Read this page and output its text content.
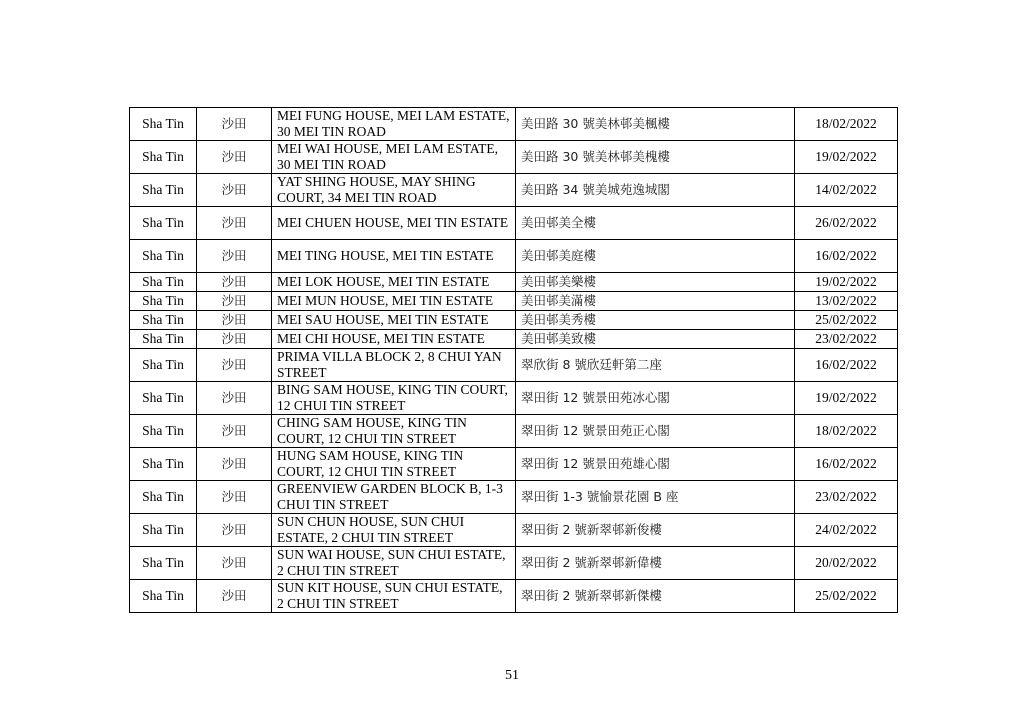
Sha Tin	沙田	MEI FUNG HOUSE, MEI LAM ESTATE, 30 MEI TIN ROAD	美田路 30 號美林邨美楓樓	18/02/2022
Sha Tin	沙田	MEI WAI HOUSE, MEI LAM ESTATE, 30 MEI TIN ROAD	美田路 30 號美林邨美槐樓	19/02/2022
Sha Tin	沙田	YAT SHING HOUSE, MAY SHING COURT, 34 MEI TIN ROAD	美田路 34 號美城苑逸城閣	14/02/2022
Sha Tin	沙田	MEI CHUEN HOUSE, MEI TIN ESTATE	美田邨美全樓	26/02/2022
Sha Tin	沙田	MEI TING HOUSE, MEI TIN ESTATE	美田邨美庭樓	16/02/2022
Sha Tin	沙田	MEI LOK HOUSE, MEI TIN ESTATE	美田邨美樂樓	19/02/2022
Sha Tin	沙田	MEI MUN HOUSE, MEI TIN ESTATE	美田邨美滿樓	13/02/2022
Sha Tin	沙田	MEI SAU HOUSE, MEI TIN ESTATE	美田邨美秀樓	25/02/2022
Sha Tin	沙田	MEI CHI HOUSE, MEI TIN ESTATE	美田邨美致樓	23/02/2022
Sha Tin	沙田	PRIMA VILLA BLOCK 2, 8 CHUI YAN STREET	翠欣街 8 號欣廷軒第二座	16/02/2022
Sha Tin	沙田	BING SAM HOUSE, KING TIN COURT, 12 CHUI TIN STREET	翠田街 12 號景田苑冰心閣	19/02/2022
Sha Tin	沙田	CHING SAM HOUSE, KING TIN COURT, 12 CHUI TIN STREET	翠田街 12 號景田苑正心閣	18/02/2022
Sha Tin	沙田	HUNG SAM HOUSE, KING TIN COURT, 12 CHUI TIN STREET	翠田街 12 號景田苑雄心閣	16/02/2022
Sha Tin	沙田	GREENVIEW GARDEN BLOCK B, 1-3 CHUI TIN STREET	翠田街 1-3 號愉景花園 B 座	23/02/2022
Sha Tin	沙田	SUN CHUN HOUSE, SUN CHUI ESTATE, 2 CHUI TIN STREET	翠田街 2 號新翠邨新俊樓	24/02/2022
Sha Tin	沙田	SUN WAI HOUSE, SUN CHUI ESTATE, 2 CHUI TIN STREET	翠田街 2 號新翠邨新偉樓	20/02/2022
Sha Tin	沙田	SUN KIT HOUSE, SUN CHUI ESTATE, 2 CHUI TIN STREET	翠田街 2 號新翠邨新傑樓	25/02/2022
51
